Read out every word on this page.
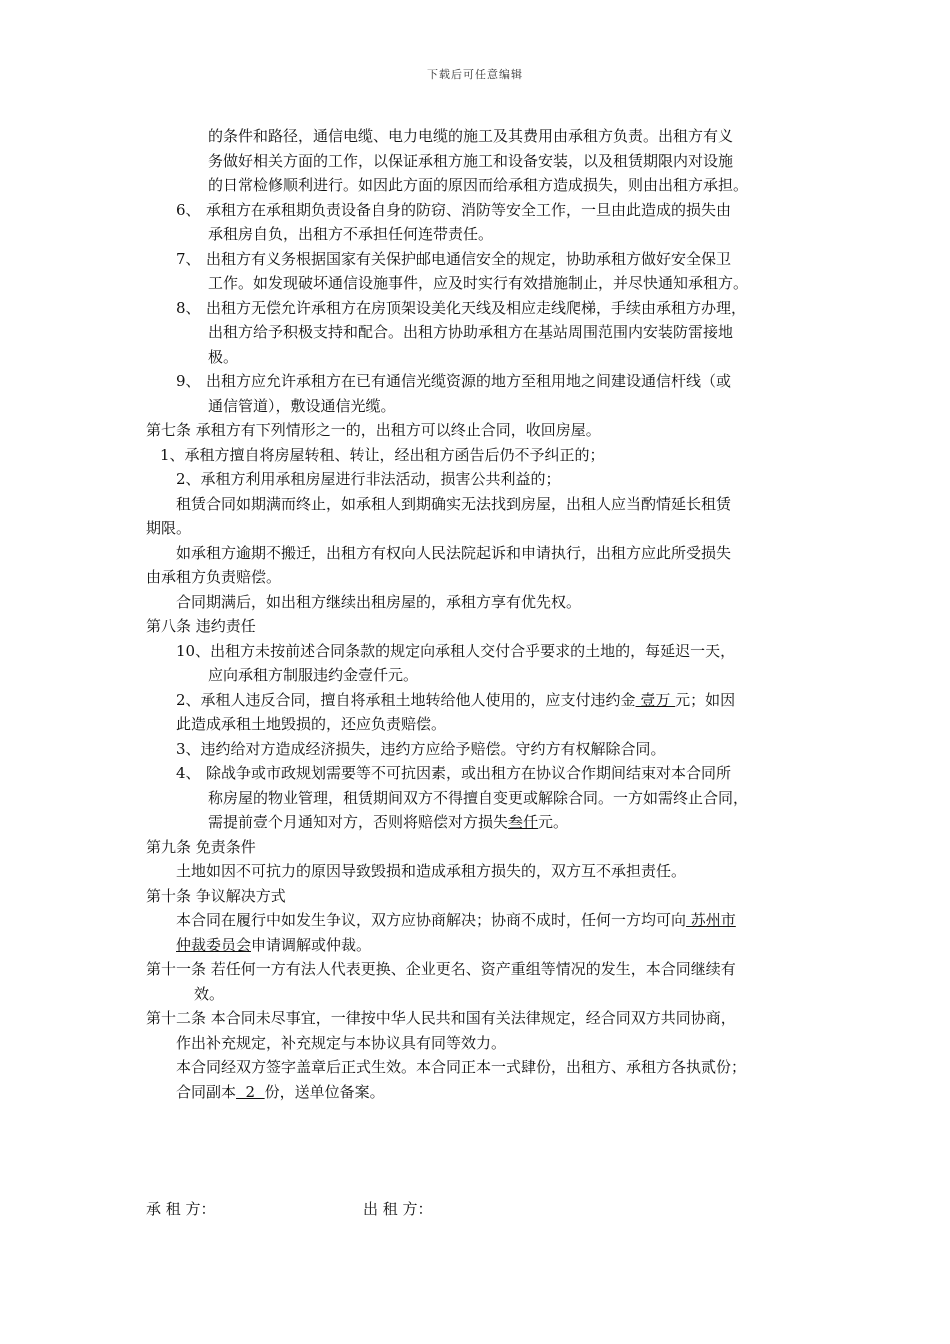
下载后可任意编辑
的条件和路径，通信电缆、电力电缆的施工及其费用由承租方负责。出租方有义
务做好相关方面的工作，以保证承租方施工和设备安装，以及租赁期限内对设施
的日常检修顺利进行。如因此方面的原因而给承租方造成损失，则由出租方承担。
6、 承租方在承租期负责设备自身的防窃、消防等安全工作，一旦由此造成的损失由
承租房自负，出租方不承担任何连带责任。
7、 出租方有义务根据国家有关保护邮电通信安全的规定，协助承租方做好安全保卫
工作。如发现破坏通信设施事件，应及时实行有效措施制止，并尽快通知承租方。
8、 出租方无偿允许承租方在房顶架设美化天线及相应走线爬梯，手续由承租方办理，
出租方给予积极支持和配合。出租方协助承租方在基站周围范围内安装防雷接地
极。
9、 出租方应允许承租方在已有通信光缆资源的地方至租用地之间建设通信杆线（或
通信管道），敷设通信光缆。
第七条 承租方有下列情形之一的，出租方可以终止合同，收回房屋。
1、承租方擅自将房屋转租、转让，经出租方函告后仍不予纠正的；
2、承租方利用承租房屋进行非法活动，损害公共利益的；
租赁合同如期满而终止，如承租人到期确实无法找到房屋，出租人应当酌情延长租赁
期限。
如承租方逾期不搬迁，出租方有权向人民法院起诉和申请执行，出租方应此所受损失
由承租方负责赔偿。
合同期满后，如出租方继续出租房屋的，承租方享有优先权。
第八条 违约责任
10、出租方未按前述合同条款的规定向承租人交付合乎要求的土地的，每延迟一天，
应向承租方制服违约金壹仟元。
2、承租人违反合同，擅自将承租土地转给他人使用的，应支付违约金 壹万 元；如因
此造成承租土地毁损的，还应负责赔偿。
3、违约给对方造成经济损失，违约方应给予赔偿。守约方有权解除合同。
4、 除战争或市政规划需要等不可抗因素，或出租方在协议合作期间结束对本合同所
称房屋的物业管理，租赁期间双方不得擅自变更或解除合同。一方如需终止合同，
需提前壹个月通知对方，否则将赔偿对方损失叁仟元。
第九条 免责条件
土地如因不可抗力的原因导致毁损和造成承租方损失的，双方互不承担责任。
第十条 争议解决方式
本合同在履行中如发生争议，双方应协商解决；协商不成时，任何一方均可向 苏州市
仲裁委员会申请调解或仲裁。
第十一条 若任何一方有法人代表更换、企业更名、资产重组等情况的发生，本合同继续有
效。
第十二条 本合同未尽事宜，一律按中华人民共和国有关法律规定，经合同双方共同协商，
作出补充规定，补充规定与本协议具有同等效力。
本合同经双方签字盖章后正式生效。本合同正本一式肆份，出租方、承租方各执贰份；
合同副本  2  份，送单位备案。
承 租 方：	出 租 方：
